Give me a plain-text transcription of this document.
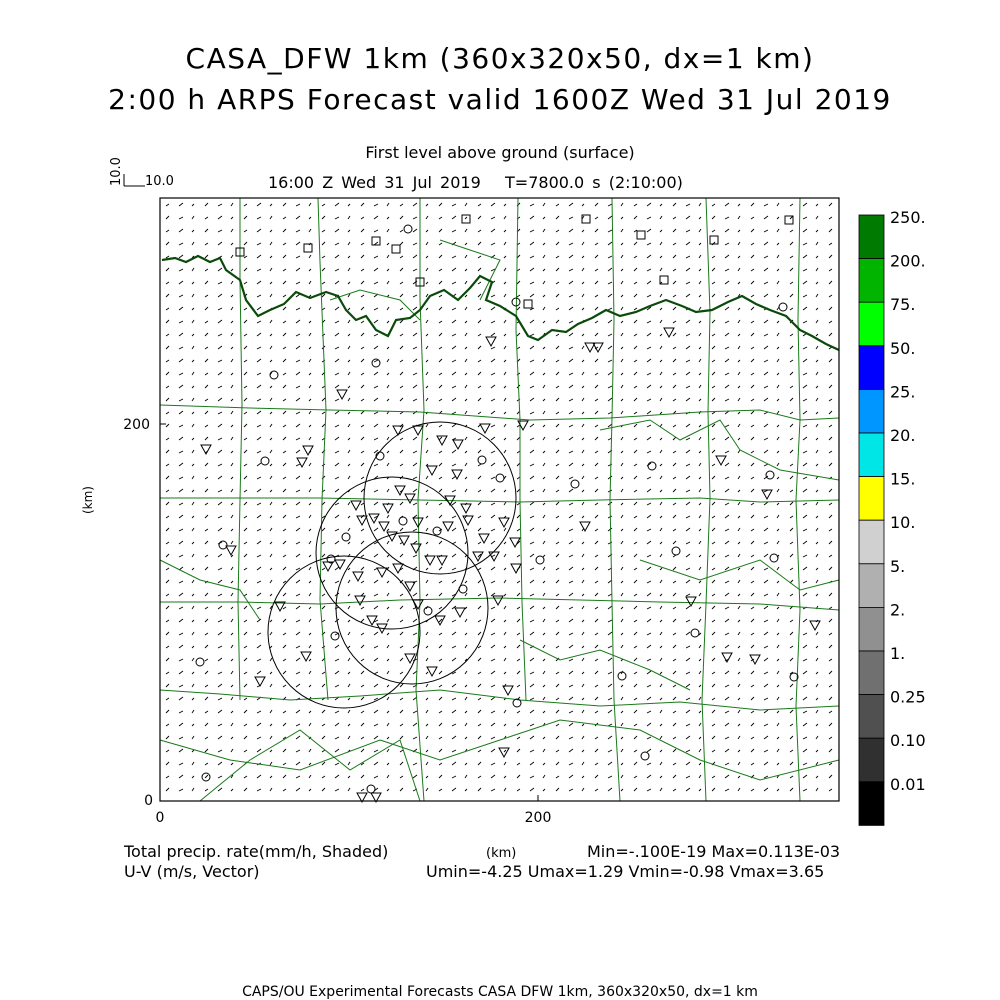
CASA_DFW 1km (360x320x50, dx=1 km)
2:00 h ARPS Forecast valid 1600Z Wed 31 Jul 2019
First level above ground (surface)
16:00 Z Wed 31 Jul 2019 T=7800.0 s (2:10:00)
10.0
10.0
0
200
0	200
(km)
250.
200.
75.
50.
25.
20.
15.
10.
5.
2.
1.
0.25
0.10
0.01
Total precip. rate(mm/h, Shaded)
U-V (m/s, Vector)
(km)	Min=-.100E-19 Max=0.113E-03
Umin=-4.25 Umax=1.29 Vmin=-0.98 Vmax=3.65
CAPS/OU Experimental Forecasts CASA DFW 1km, 360x320x50, dx=1 km
